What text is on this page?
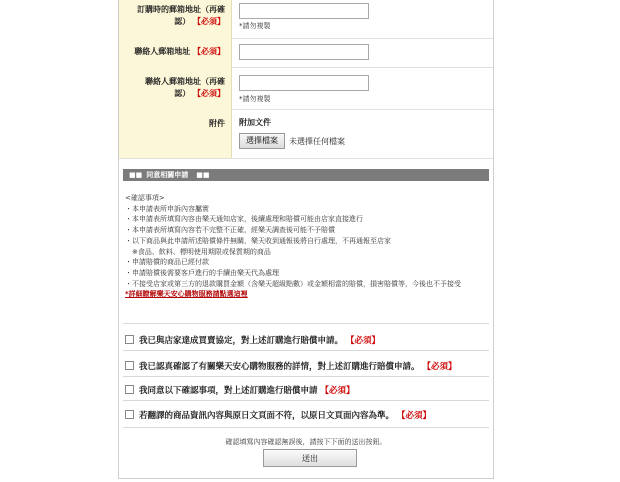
訂購時的郵箱地址（再確
認） 【必須】 *請勿複製
聯絡人郵箱地址 【必須】
聯絡人郵箱地址（再確
認） 【必須】
*請勿複製
附件 附加文件
選擇檔案	未選擇任何檔案
■■ 同意相關申請 ■■
<確認事項>
・本申請表所申訴內容屬實
・本申請表所填寫內容由樂天通知店家，後續處理和賠償可能由店家直接進行
・本申請表所填寫內容若不完整不正確，經樂天調查後可能不予賠償
・以下商品與此申請所述賠償條件無關，樂天收到通報後將自行處理，不再通報至店家
　※食品、飲料、標明使用期限或保質期的商品
・申請賠償的商品已經付款
・申請賠償後需要客戶進行的手續由樂天代為處理
・不接受店家或第三方的退款購買金額（含樂天超級點數）或金額相當的賠償，損害賠償等，今後也不予接受
*詳細瞭解樂天安心購物服務請點選這裡
我已與店家達成買賣協定，對上述訂購進行賠償申請。 【必須】
我已認真確認了有關樂天安心購物服務的詳情，對上述訂購進行賠償申請。 【必須】
我同意以下確認事項，對上述訂購進行賠償申請 【必須】
若翻譯的商品資訊內容與原日文頁面不符，以原日文頁面內容為準。 【必須】
確認填寫內容確認無誤後，請按下下面的送出按鈕。
送出
